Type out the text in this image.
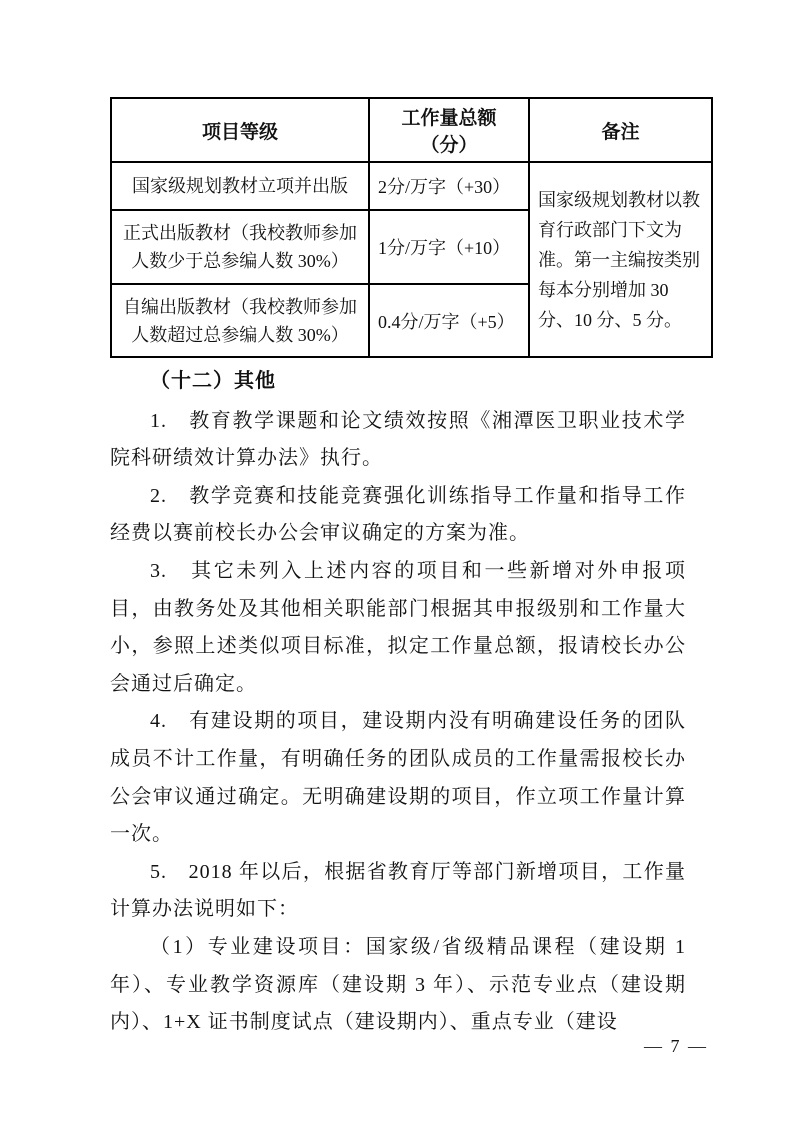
项目等级	工作量总额（分）	备注
国家级规划教材立项并出版	2分/万字（+30）	国家级规划教材以教育行政部门下文为准。第一主编按类别每本分别增加 30 分、10 分、5 分。
正式出版教材（我校教师参加人数少于总参编人数 30%）	1分/万字（+10）	
自编出版教材（我校教师参加人数超过总参编人数 30%）	0.4分/万字（+5）	
（十二）其他

1.　教育教学课题和论文绩效按照《湘潭医卫职业技术学院科研绩效计算办法》执行。

2.　教学竞赛和技能竞赛强化训练指导工作量和指导工作经费以赛前校长办公会审议确定的方案为准。

3.　其它未列入上述内容的项目和一些新增对外申报项目，由教务处及其他相关职能部门根据其申报级别和工作量大小，参照上述类似项目标准，拟定工作量总额，报请校长办公会通过后确定。

4.　有建设期的项目，建设期内没有明确建设任务的团队成员不计工作量，有明确任务的团队成员的工作量需报校长办公会审议通过确定。无明确建设期的项目，作立项工作量计算一次。

5.　2018 年以后，根据省教育厅等部门新增项目，工作量计算办法说明如下：

（1）专业建设项目：国家级/省级精品课程（建设期 1 年）、专业教学资源库（建设期 3 年）、示范专业点（建设期内）、1+X 证书制度试点（建设期内）、重点专业（建设

— 7 —
